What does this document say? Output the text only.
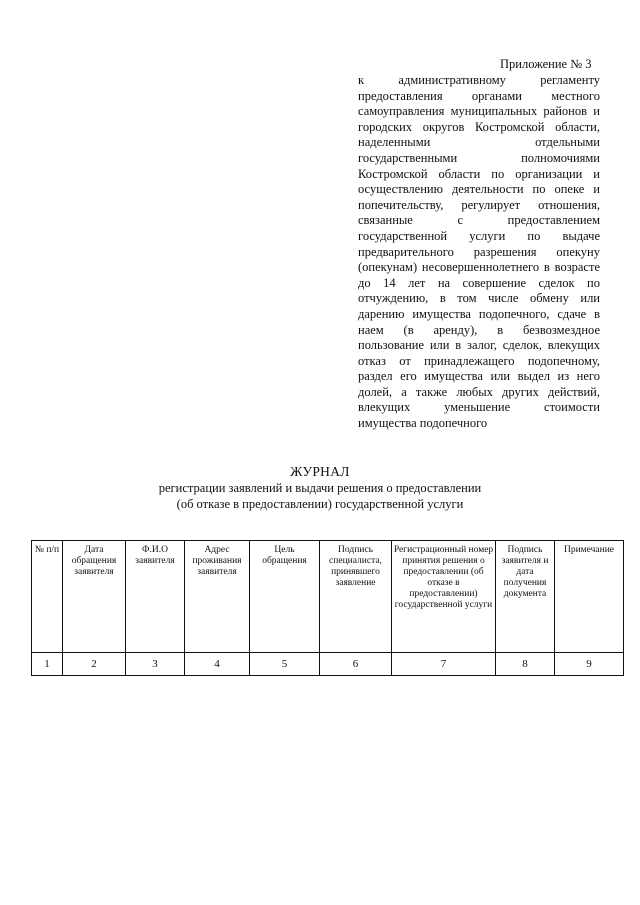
Приложение № 3
к административному регламенту предоставления органами местного самоуправления муниципальных районов и городских округов Костромской области, наделенными отдельными государственными полномочиями Костромской области по организации и осуществлению деятельности по опеке и попечительству, регулирует отношения, связанные с предоставлением государственной услуги по выдаче предварительного разрешения опекуну (опекунам) несовершеннолетнего в возрасте до 14 лет на совершение сделок по отчуждению, в том числе обмену или дарению имущества подопечного, сдаче в наем (в аренду), в безвозмездное пользование или в залог, сделок, влекущих отказ от принадлежащего подопечному, раздел его имущества или выдел из него долей, а также любых других действий, влекущих уменьшение стоимости имущества подопечного
ЖУРНАЛ
регистрации заявлений и выдачи решения о предоставлении
(об отказе в предоставлении) государственной услуги
№ п/п	Дата обращения заявителя	Ф.И.О заявителя	Адрес проживания заявителя	Цель обращения	Подпись специалиста, принявшего заявление	Регистрационный номер принятия решения о предоставлении (об отказе в предоставлении) государственной услуги	Подпись заявителя и дата получения документа	Примечание
1	2	3	4	5	6	7	8	9
